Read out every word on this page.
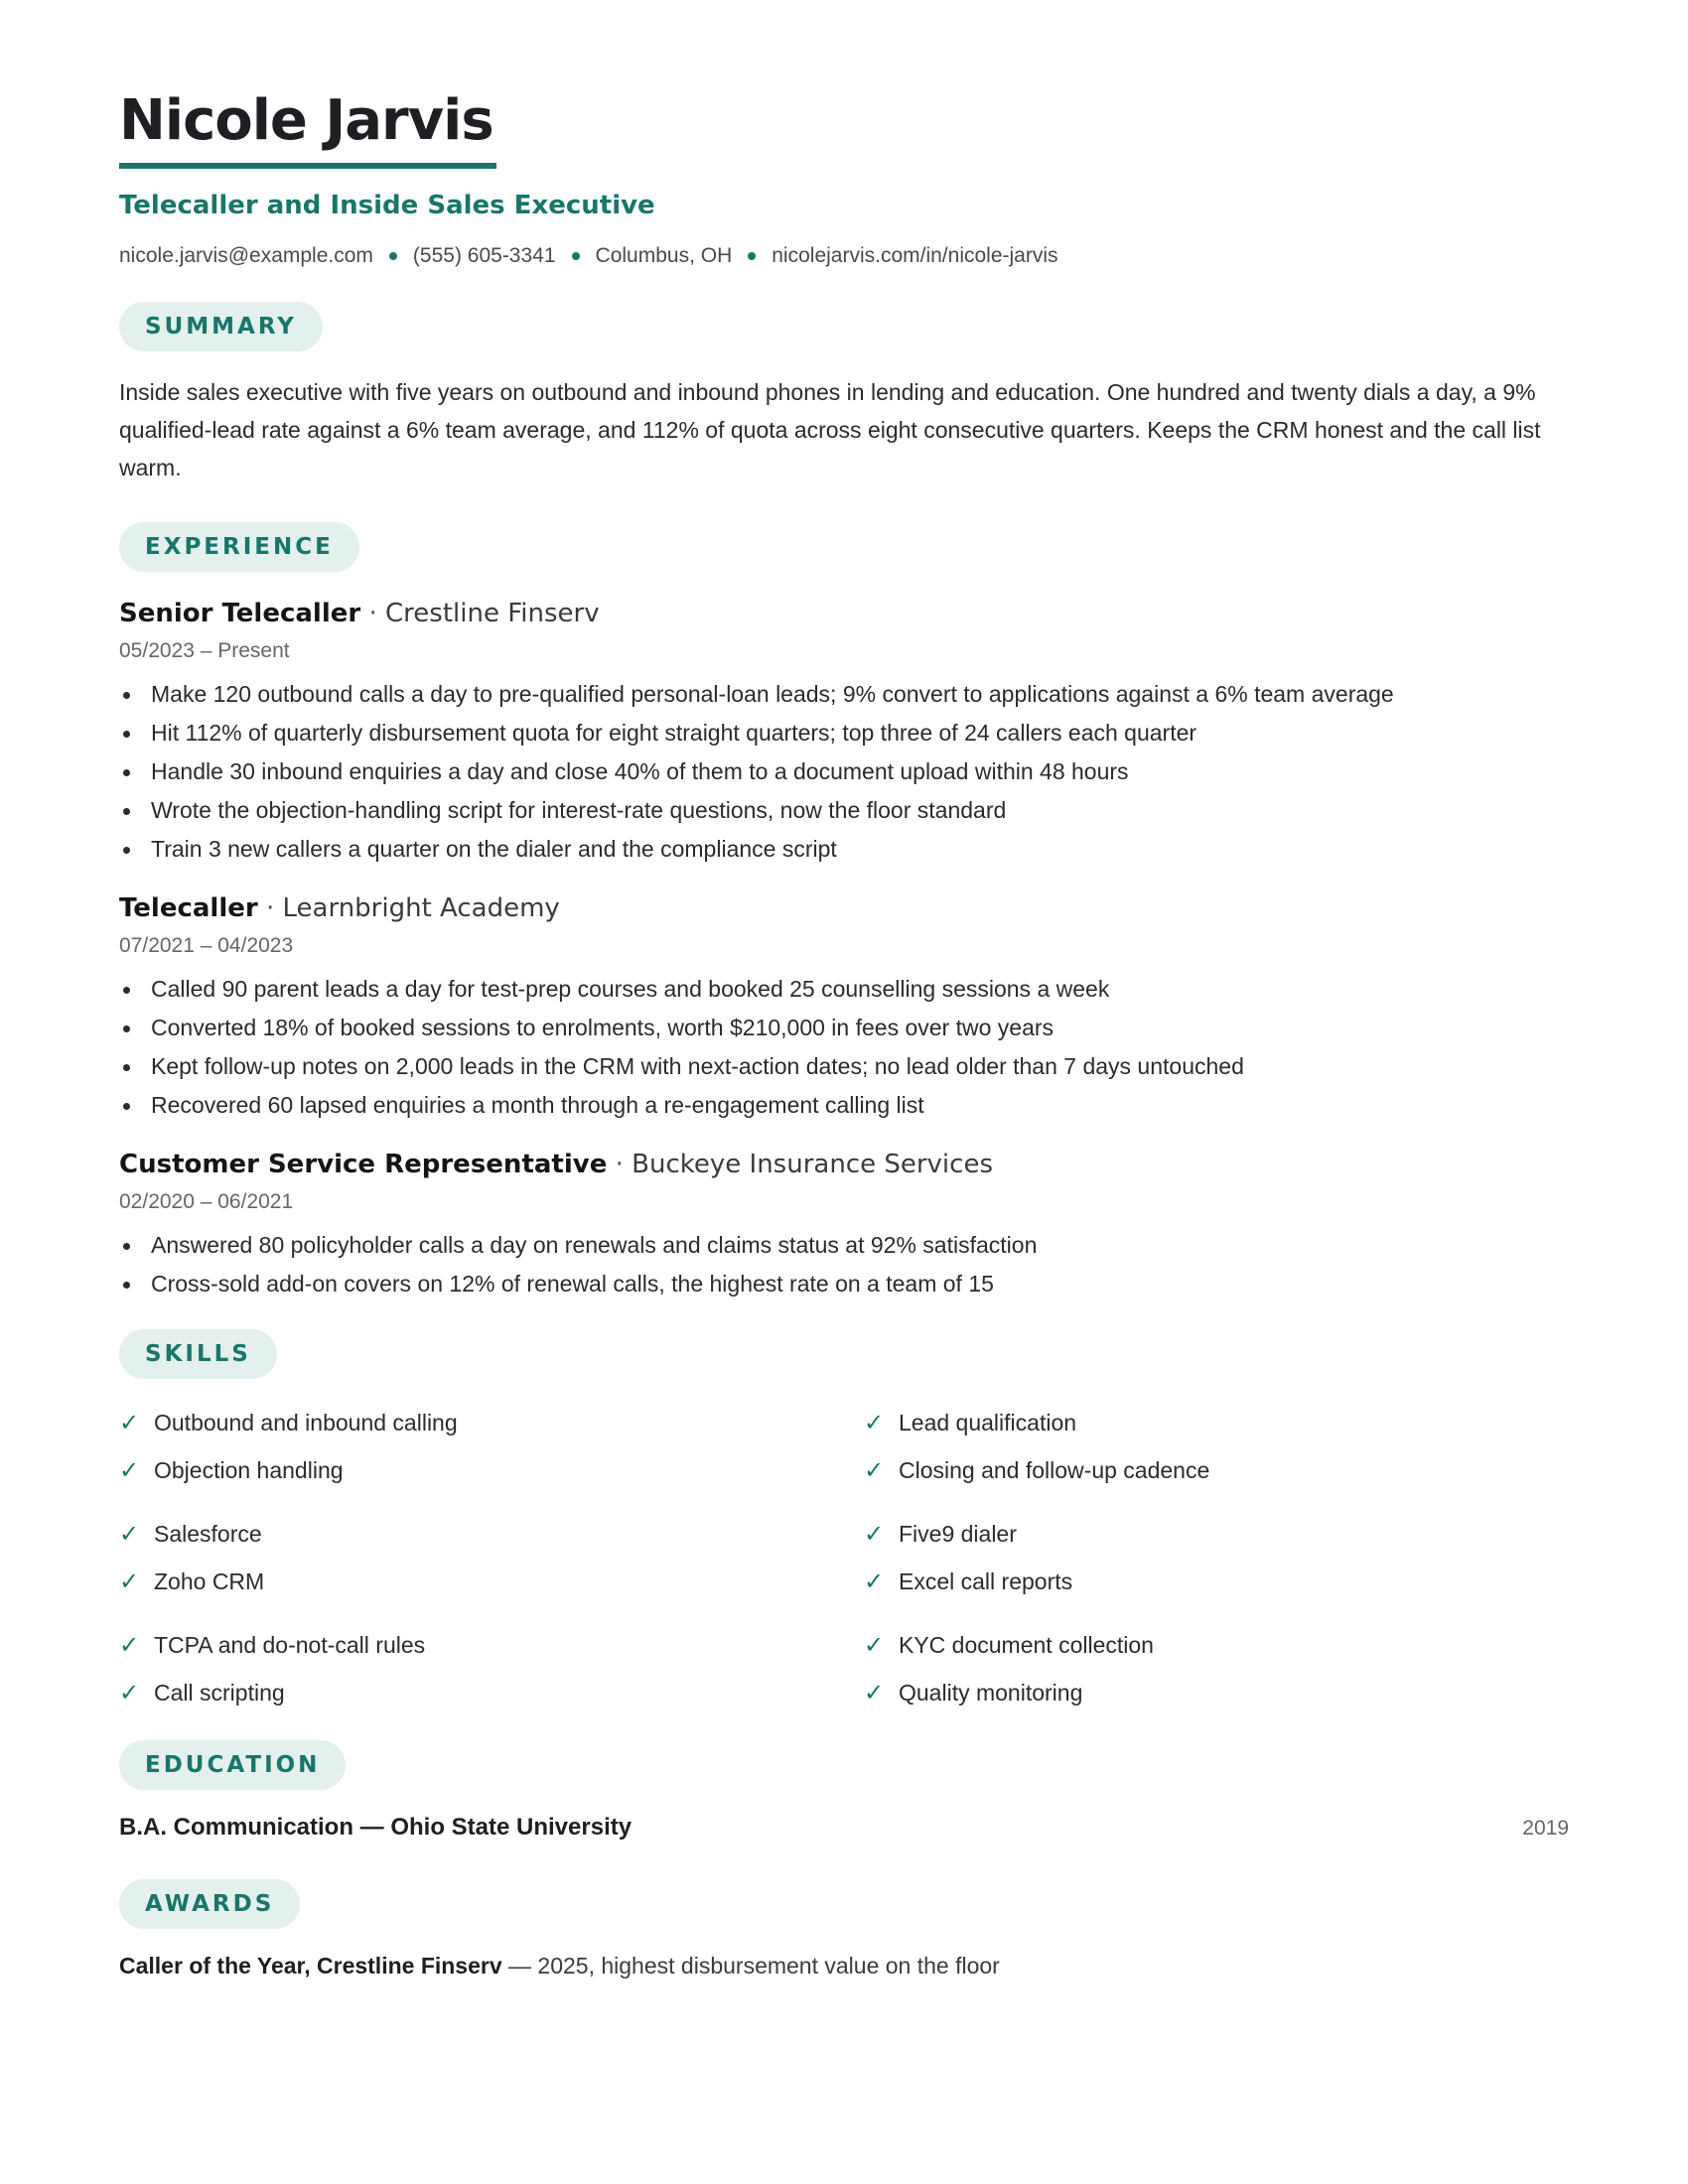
Nicole Jarvis
Telecaller and Inside Sales Executive
nicole.jarvis@example.com (555) 605-3341 Columbus, OH nicolejarvis.com/in/nicole-jarvis
SUMMARY
Inside sales executive with five years on outbound and inbound phones in lending and education. One hundred and twenty dials a day, a 9% qualified-lead rate against a 6% team average, and 112% of quota across eight consecutive quarters. Keeps the CRM honest and the call list warm.
EXPERIENCE
Senior Telecaller · Crestline Finserv
05/2023 – Present
Make 120 outbound calls a day to pre-qualified personal-loan leads; 9% convert to applications against a 6% team average
Hit 112% of quarterly disbursement quota for eight straight quarters; top three of 24 callers each quarter
Handle 30 inbound enquiries a day and close 40% of them to a document upload within 48 hours
Wrote the objection-handling script for interest-rate questions, now the floor standard
Train 3 new callers a quarter on the dialer and the compliance script
Telecaller · Learnbright Academy
07/2021 – 04/2023
Called 90 parent leads a day for test-prep courses and booked 25 counselling sessions a week
Converted 18% of booked sessions to enrolments, worth $210,000 in fees over two years
Kept follow-up notes on 2,000 leads in the CRM with next-action dates; no lead older than 7 days untouched
Recovered 60 lapsed enquiries a month through a re-engagement calling list
Customer Service Representative · Buckeye Insurance Services
02/2020 – 06/2021
Answered 80 policyholder calls a day on renewals and claims status at 92% satisfaction
Cross-sold add-on covers on 12% of renewal calls, the highest rate on a team of 15
SKILLS
✓ Outbound and inbound calling
✓ Objection handling
✓ Lead qualification
✓ Closing and follow-up cadence
✓ Salesforce
✓ Zoho CRM
✓ Five9 dialer
✓ Excel call reports
✓ TCPA and do-not-call rules
✓ Call scripting
✓ KYC document collection
✓ Quality monitoring
EDUCATION
B.A. Communication — Ohio State University	2019
AWARDS
Caller of the Year, Crestline Finserv — 2025, highest disbursement value on the floor
